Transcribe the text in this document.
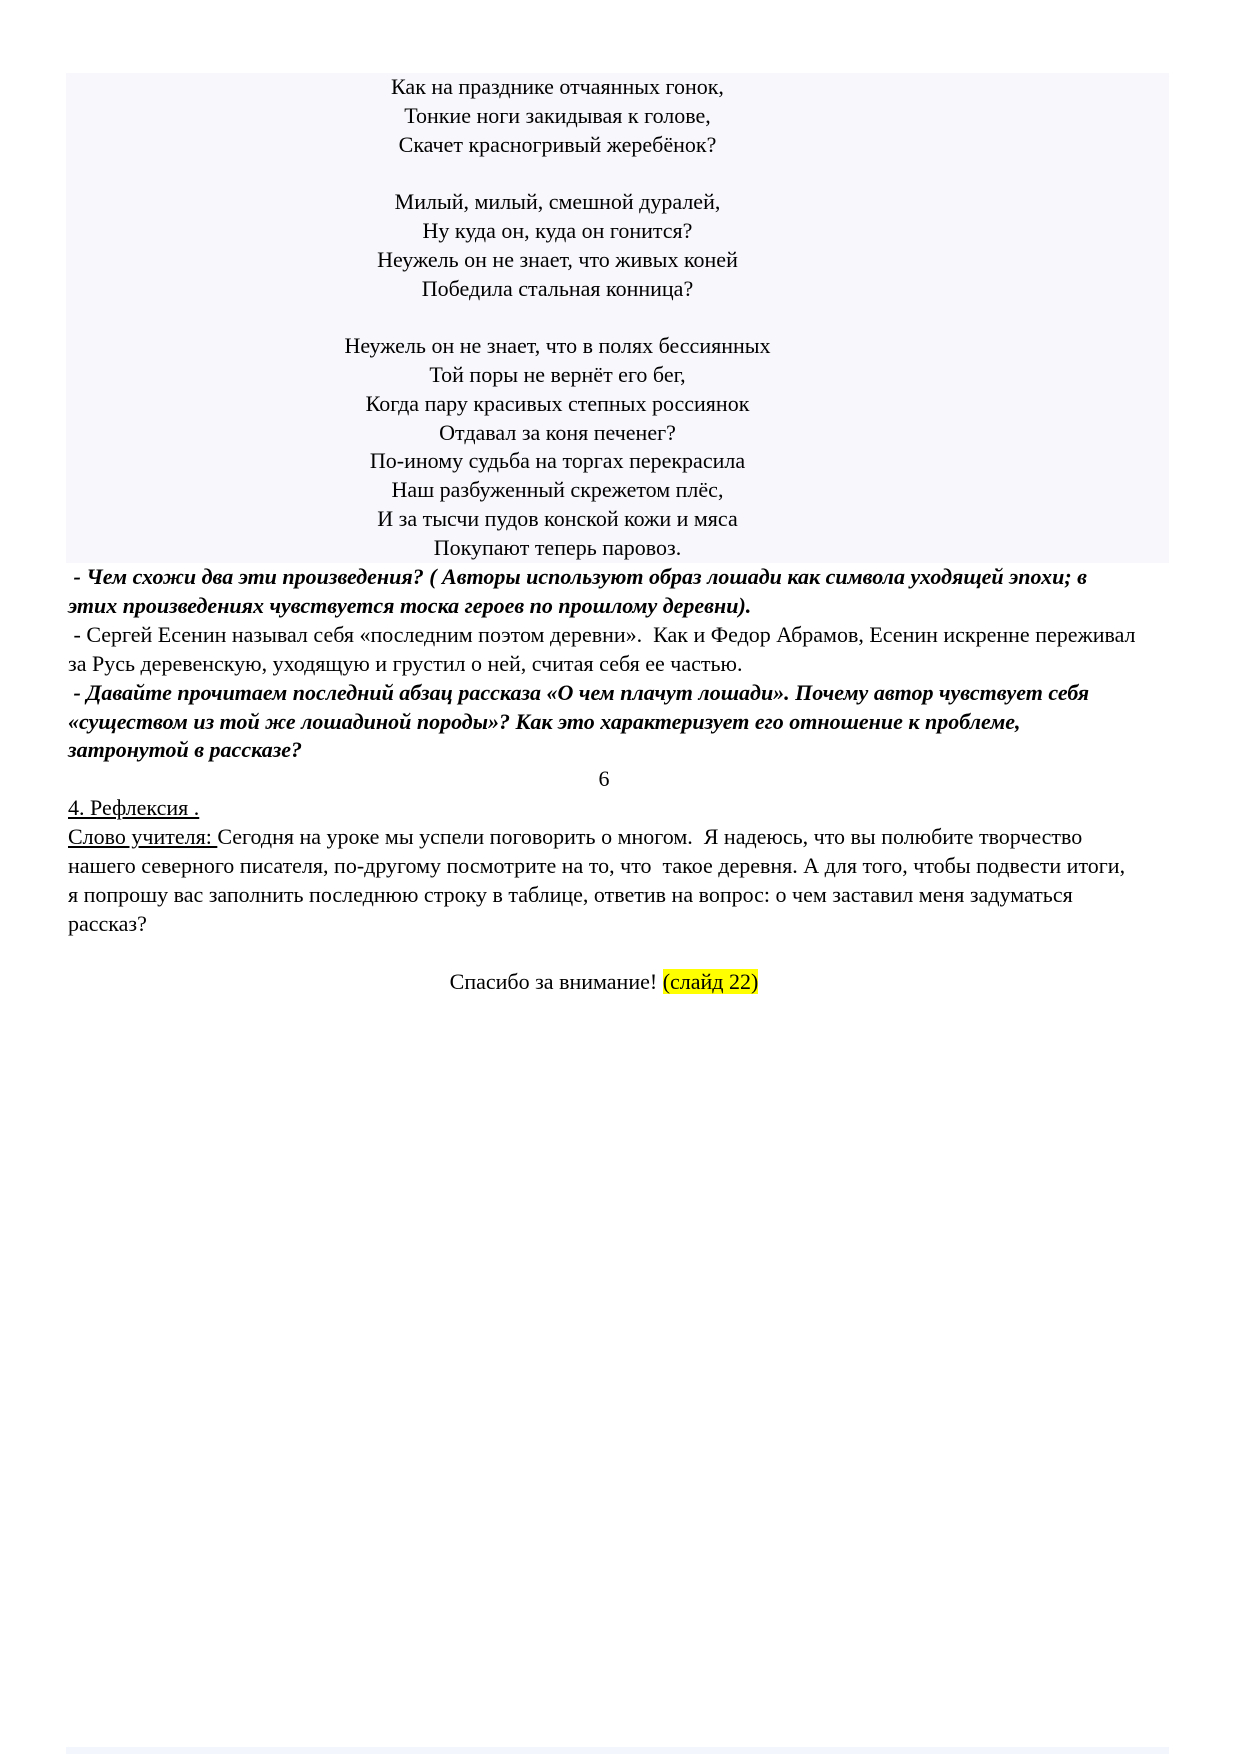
Как на празднике отчаянных гонок,
Тонкие ноги закидывая к голове,
Скачет красногривый жеребёнок?
Милый, милый, смешной дуралей,
Ну куда он, куда он гонится?
Неужель он не знает, что живых коней
Победила стальная конница?
Неужель он не знает, что в полях бессиянных
Той поры не вернёт его бег,
Когда пару красивых степных россиянок
Отдавал за коня печенег?
По-иному судьба на торгах перекрасила
Наш разбуженный скрежетом плёс,
И за тысчи пудов конской кожи и мяса
Покупают теперь паровоз.

- Чем схожи два эти произведения? ( Авторы используют образ лошади как символа уходящей эпохи; в этих произведениях чувствуется тоска героев по прошлому деревни).

- Сергей Есенин называл себя «последним поэтом деревни».  Как и Федор Абрамов, Есенин искренне переживал за Русь деревенскую, уходящую и грустил о ней, считая себя ее частью.

- Давайте прочитаем последний абзац рассказа «О чем плачут лошади». Почему автор чувствует себя «существом из той же лошадиной породы»? Как это характеризует его отношение к проблеме, затронутой в рассказе?

6

4. Рефлексия .

Слово учителя: Сегодня на уроке мы успели поговорить о многом.  Я надеюсь, что вы полюбите творчество нашего северного писателя, по-другому посмотрите на то, что  такое деревня. А для того, чтобы подвести итоги, я попрошу вас заполнить последнюю строку в таблице, ответив на вопрос: о чем заставил меня задуматься рассказ?

Спасибо за внимание! (слайд 22)
